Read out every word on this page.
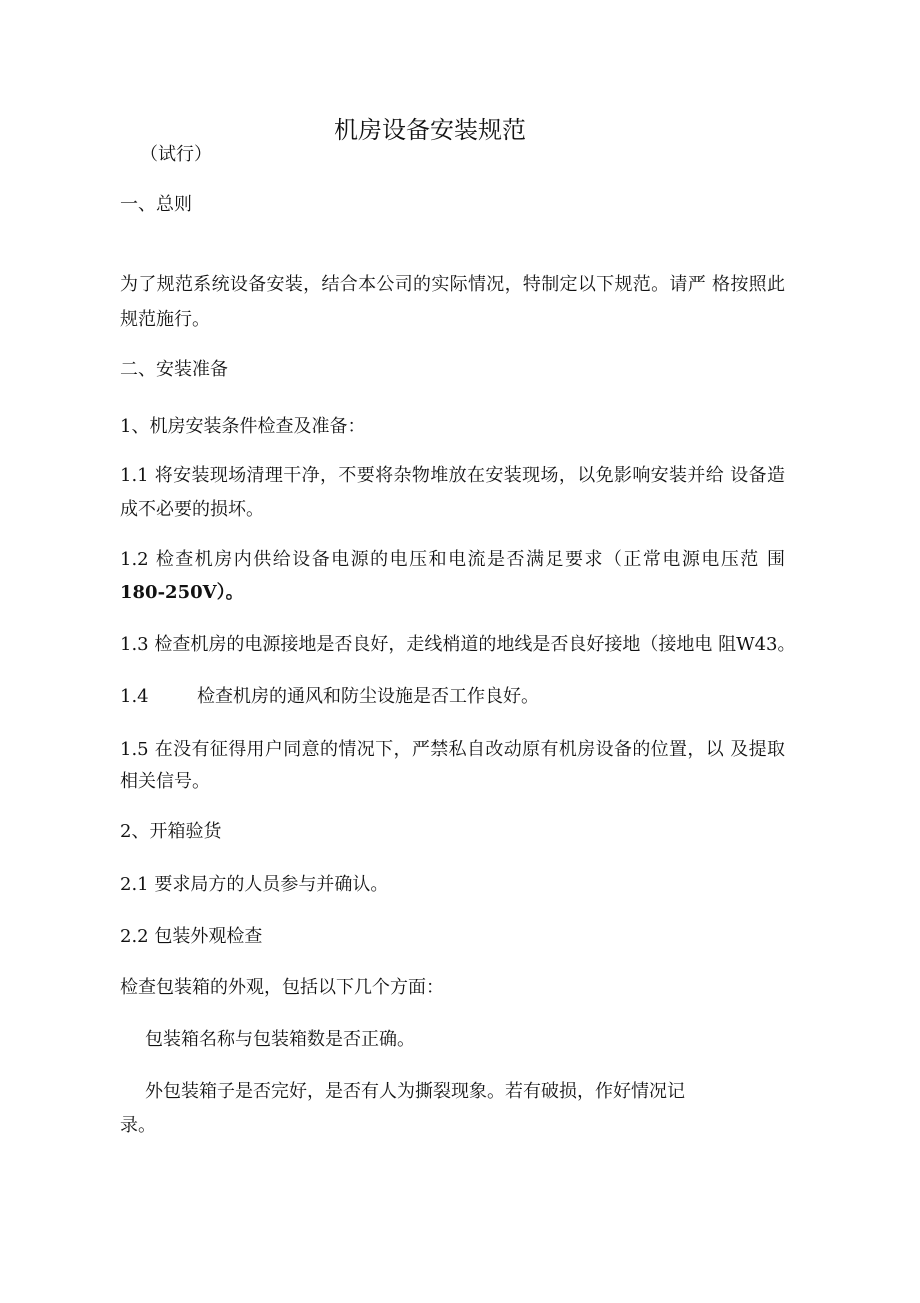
机房设备安装规范
（试行）
一、总则
为了规范系统设备安装，结合本公司的实际情况，特制定以下规范。请严 格按照此
规范施行。
二、安装准备
1、机房安装条件检查及准备：
1.1 将安装现场清理干净，不要将杂物堆放在安装现场，以免影响安装并给 设备造
成不必要的损坏。
1.2 检查机房内供给设备电源的电压和电流是否满足要求（正常电源电压范 围
180-250V）。
1.3 检查机房的电源接地是否良好，走线梢道的地线是否良好接地（接地电 阻W43。
1.4	检查机房的通风和防尘设施是否工作良好。
1.5 在没有征得用户同意的情况下，严禁私自改动原有机房设备的位置，以 及提取
相关信号。
2、开箱验货
2.1 要求局方的人员参与并确认。
2.2 包装外观检查
检查包装箱的外观，包括以下几个方面：
包装箱名称与包装箱数是否正确。
外包装箱子是否完好，是否有人为撕裂现象。若有破损，作好情况记
录。
